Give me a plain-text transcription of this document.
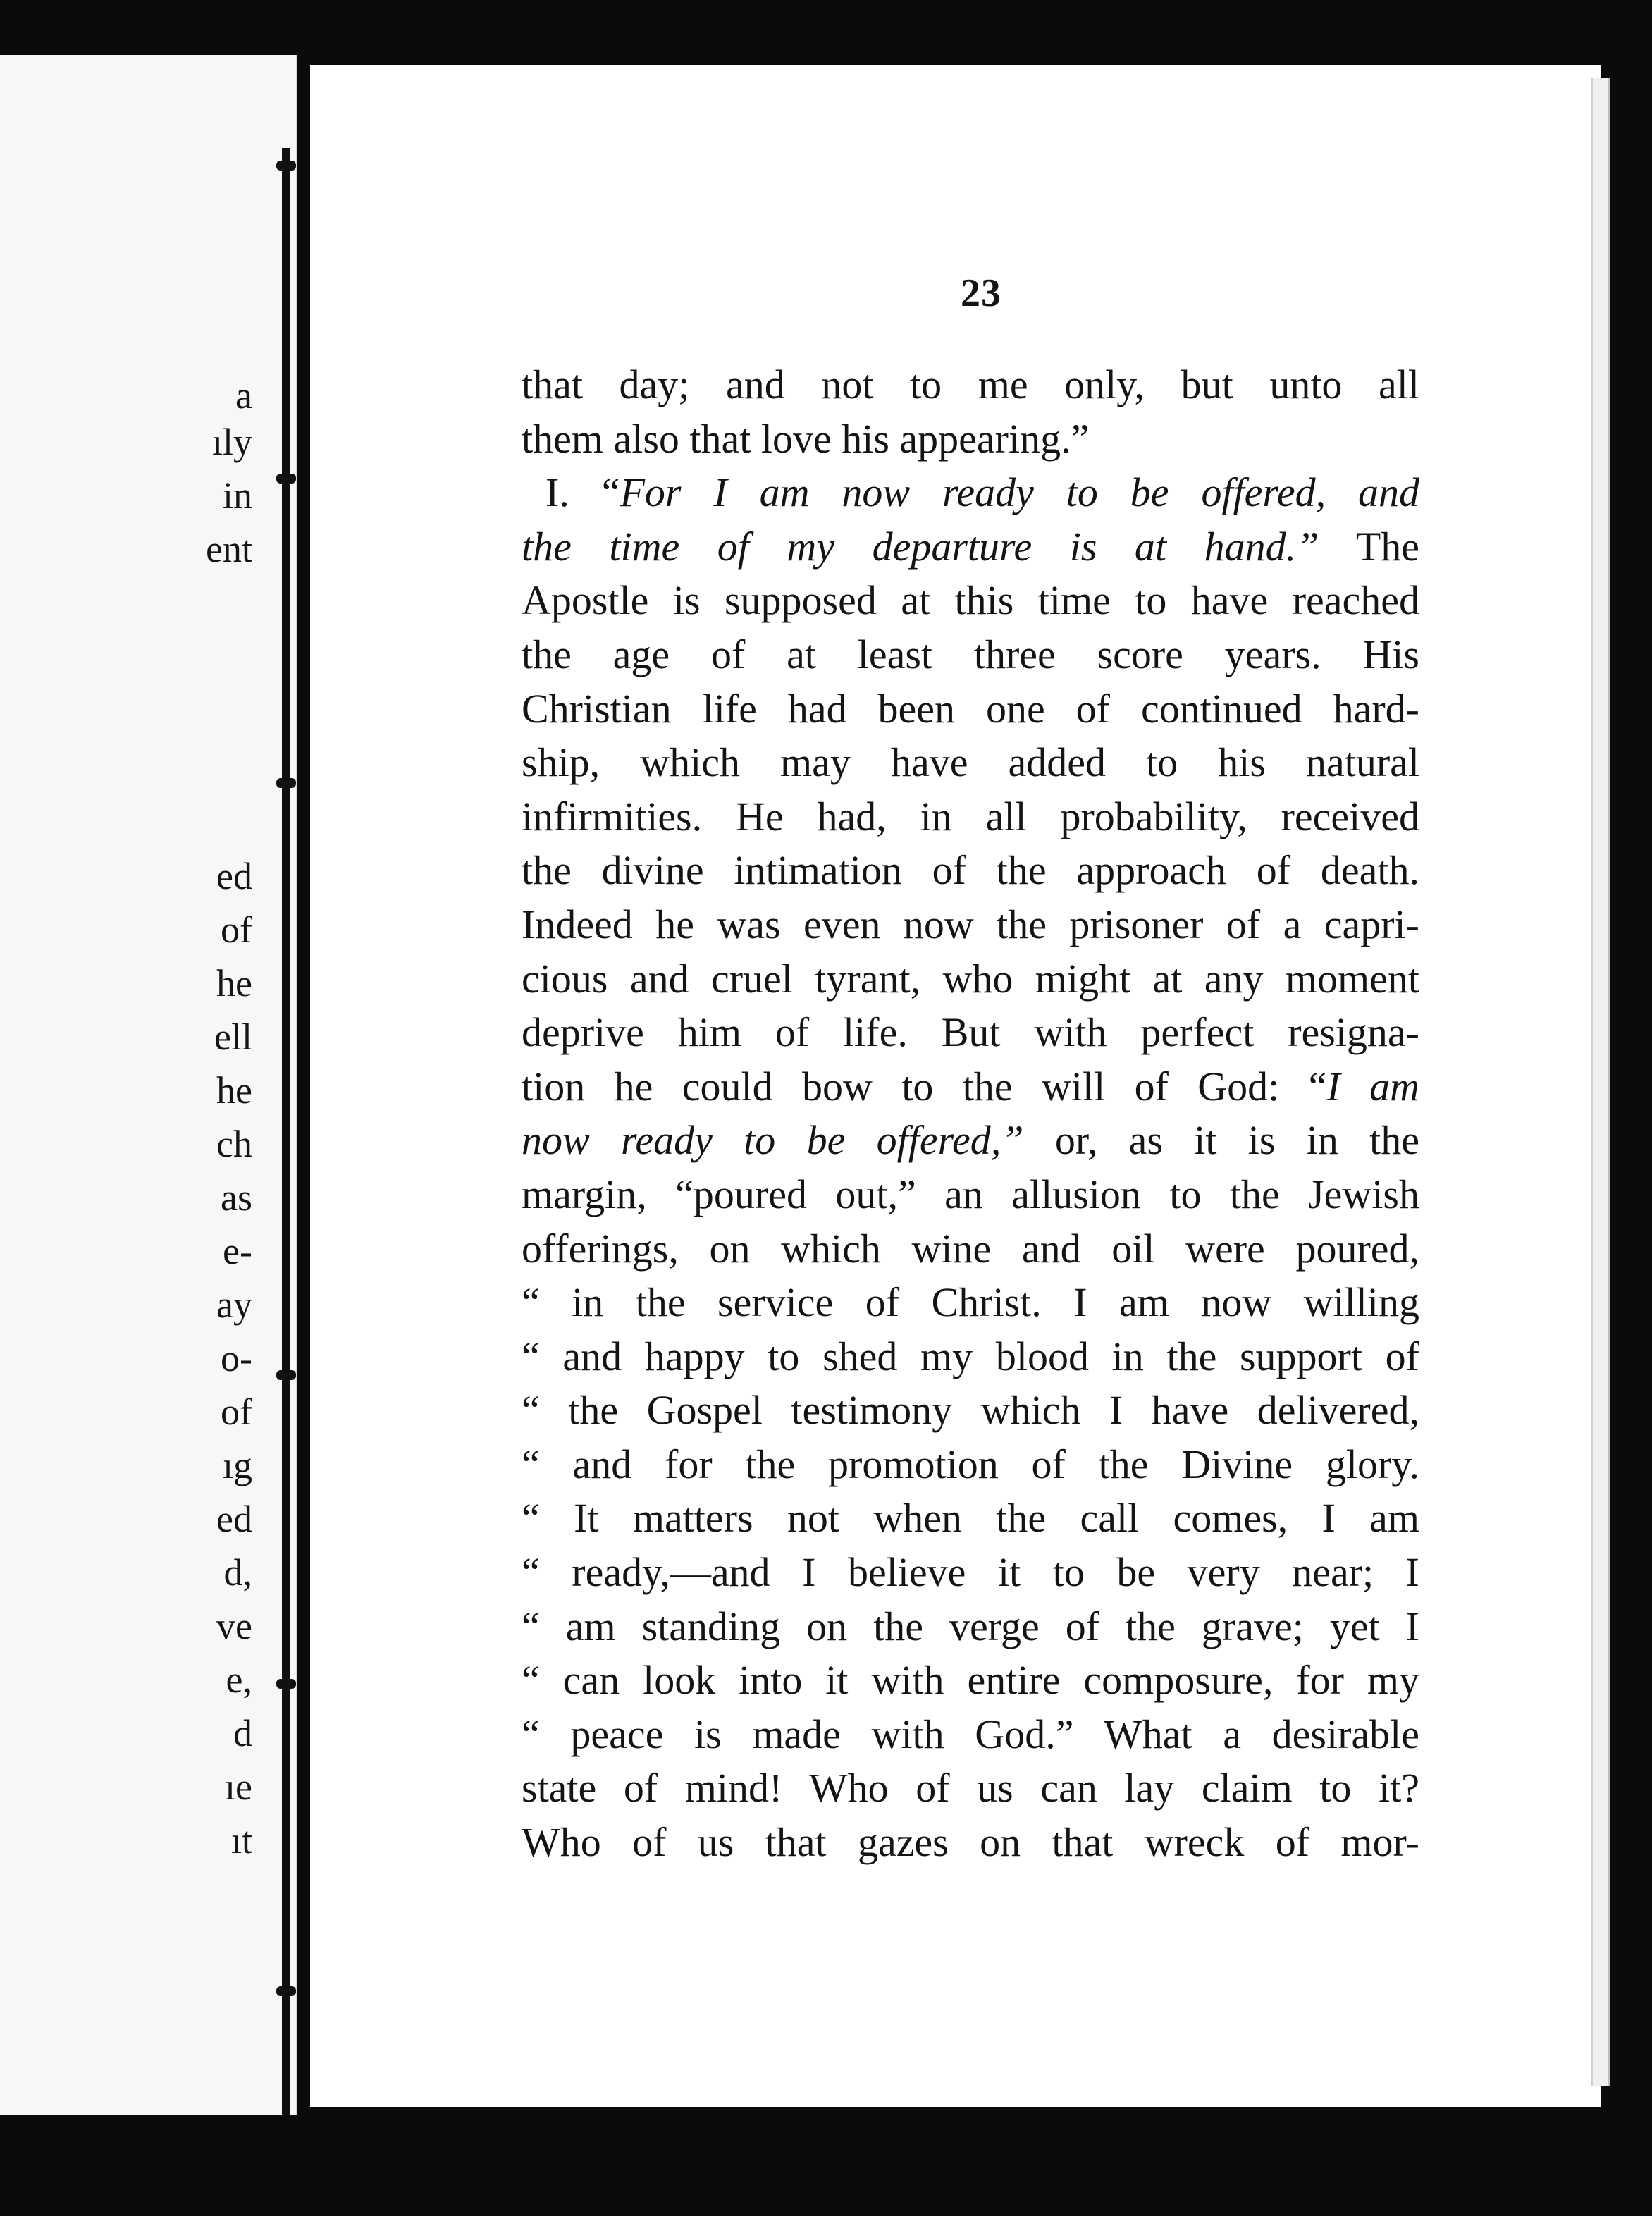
a
ıly
in
ent
ed
of
he
ell
he
ch
as
e-
ay
o-
of
ıg
ed
d,
ve
e,
d
ıe
ıt
23
that day; and not to me only, but unto all
them also that love his appearing.”
I. “For I am now ready to be offered, and
the time of my departure is at hand.” The
Apostle is supposed at this time to have reached
the age of at least three score years. His
Christian life had been one of continued hard-
ship, which may have added to his natural
infirmities. He had, in all probability, received
the divine intimation of the approach of death.
Indeed he was even now the prisoner of a capri-
cious and cruel tyrant, who might at any moment
deprive him of life. But with perfect resigna-
tion he could bow to the will of God: “I am
now ready to be offered,” or, as it is in the
margin, “poured out,” an allusion to the Jewish
offerings, on which wine and oil were poured,
“ in the service of Christ. I am now willing
“ and happy to shed my blood in the support of
“ the Gospel testimony which I have delivered,
“ and for the promotion of the Divine glory.
“ It matters not when the call comes, I am
“ ready,—and I believe it to be very near; I
“ am standing on the verge of the grave; yet I
“ can look into it with entire composure, for my
“ peace is made with God.” What a desirable
state of mind! Who of us can lay claim to it?
Who of us that gazes on that wreck of mor-
